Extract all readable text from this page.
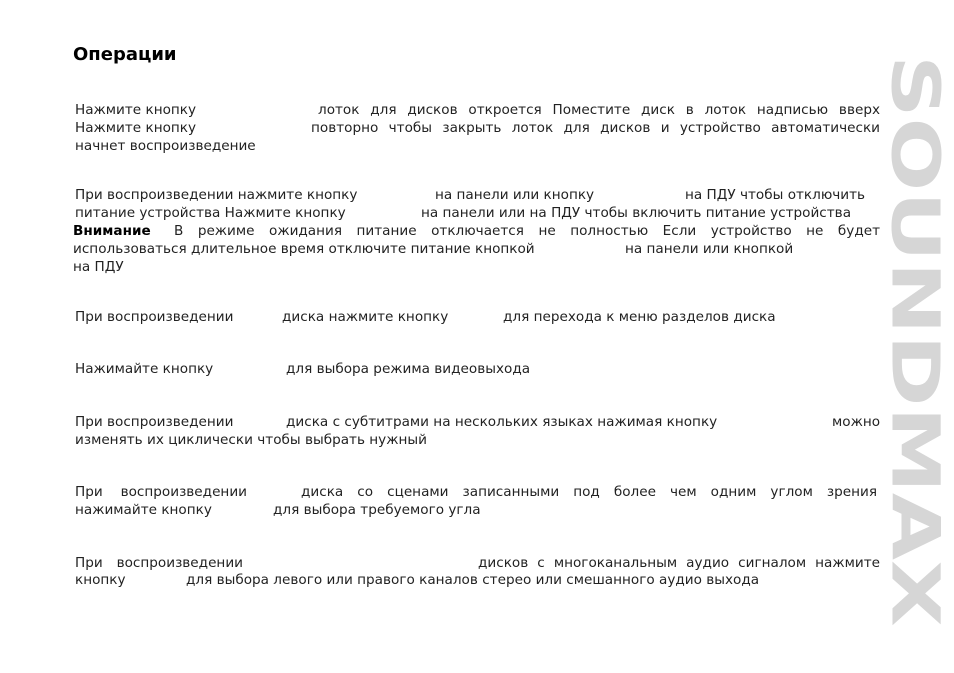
Операции
Нажмите кнопку	лоток для дисков откроется Поместите диск в лоток надписью вверх
Нажмите кнопку	повторно чтобы закрыть лоток для дисков и устройство автоматически
начнет воспроизведение
При воспроизведении нажмите кнопку	на панели или кнопку	на ПДУ чтобы отключить
питание устройства Нажмите кнопку	на панели или на ПДУ чтобы включить питание устройства
Внимание В режиме ожидания питание отключается не полностью Если устройство не будет
использоваться длительное время отключите питание кнопкой	на панели или кнопкой
на ПДУ
При воспроизведении	диска нажмите кнопку	для перехода к меню разделов диска
Нажимайте кнопку	для выбора режима видеовыхода
При воспроизведении	диска с субтитрами на нескольких языках нажимая кнопку	можно
изменять их циклически чтобы выбрать нужный
При воспроизведении	диска со сценами записанными под более чем одним углом зрения
нажимайте кнопку	для выбора требуемого угла
При воспроизведении	дисков с многоканальным аудио сигналом нажмите
кнопку	для выбора левого или правого каналов стерео или смешанного аудио выхода
SOUNDMAX
